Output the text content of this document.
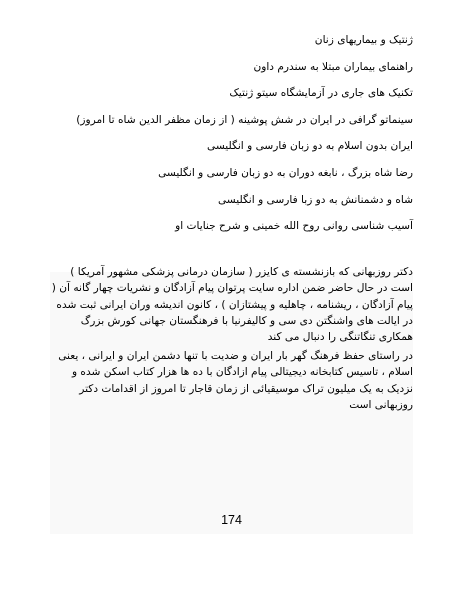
ژنتیک و بیماریهای زنان
راهنمای بیماران مبتلا به سندرم داون
تکنیک های جاری در آزمایشگاه سیتو ژنتیک
سینماتو گرافی در ایران در شش پوشینه ( از زمان مظفر الدین شاه تا امروز)
ایران بدون اسلام به دو زبان فارسی و انگلیسی
رضا شاه بزرگ ، نابغه دوران به دو زبان فارسی و انگلیسی
شاه و دشمنانش به دو زبا فارسی و انگلیسی
آسیب شناسی روانی روح الله خمینی و شرح جنایات او

دکتر روزبهانی که بازنشسته ی کایزر ( سازمان درمانی پزشکی مشهور آمریکا ) است در حال حاضر ضمن اداره سایت پرتوان پیام آزادگان و نشریات چهار گانه آن ( پیام آزادگان ، ریشنامه ، چاهلیه و پیشتازان ) ، کانون اندیشه وران ایرانی ثبت شده در ایالت های واشنگتن دی سی و کالیفرنیا با فرهنگستان جهانی کورش بزرگ همکاری تنگاتنگی را دنبال می کند

در راستای حفظ فرهنگ گهر بار ایران و ضدیت با تنها دشمن ایران و ایرانی ، یعنی اسلام ، تاسیس کتابخانه دیجیتالی پیام ازادگان با ده ها هزار کتاب اسکن شده و نزدیک به یک میلیون تراک موسیقیائی از زمان قاجار تا امروز از اقدامات دکتر روزبهانی است

174
